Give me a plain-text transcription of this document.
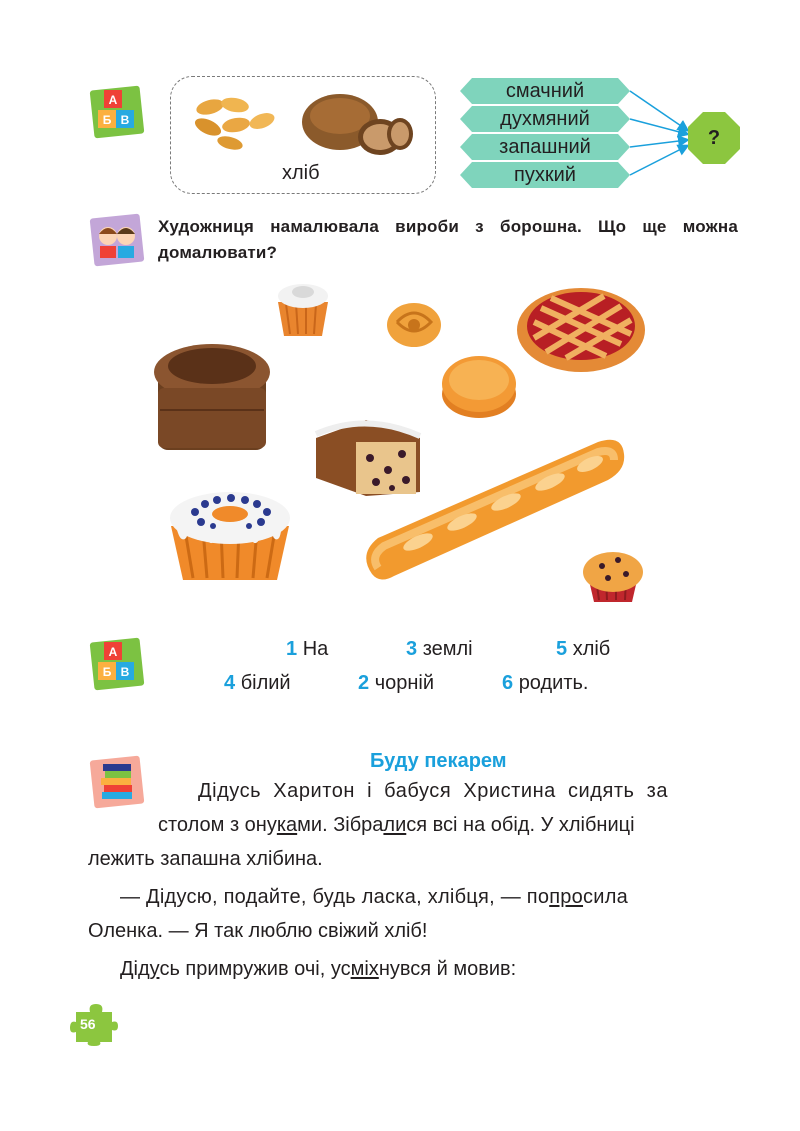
А
Б В
хліб
смачний
духмяний
запашний
пухкий
?
Художниця намалювала вироби з борошна. Що ще можна домалювати?
А
Б В
1 На	3 землі	5 хліб
4 білий	2 чорній	6 родить.
Буду пекарем
Дідусь Харитон і бабуся Христина сидять за
столом з онуками. Зібралися всі на обід. У хлібниці
лежить запашна хлібина.
— Дідусю, подайте, будь ласка, хлібця, — попросила
Оленка. — Я так люблю свіжий хліб!
Дідусь примружив очі, усміхнувся й мовив:
56
